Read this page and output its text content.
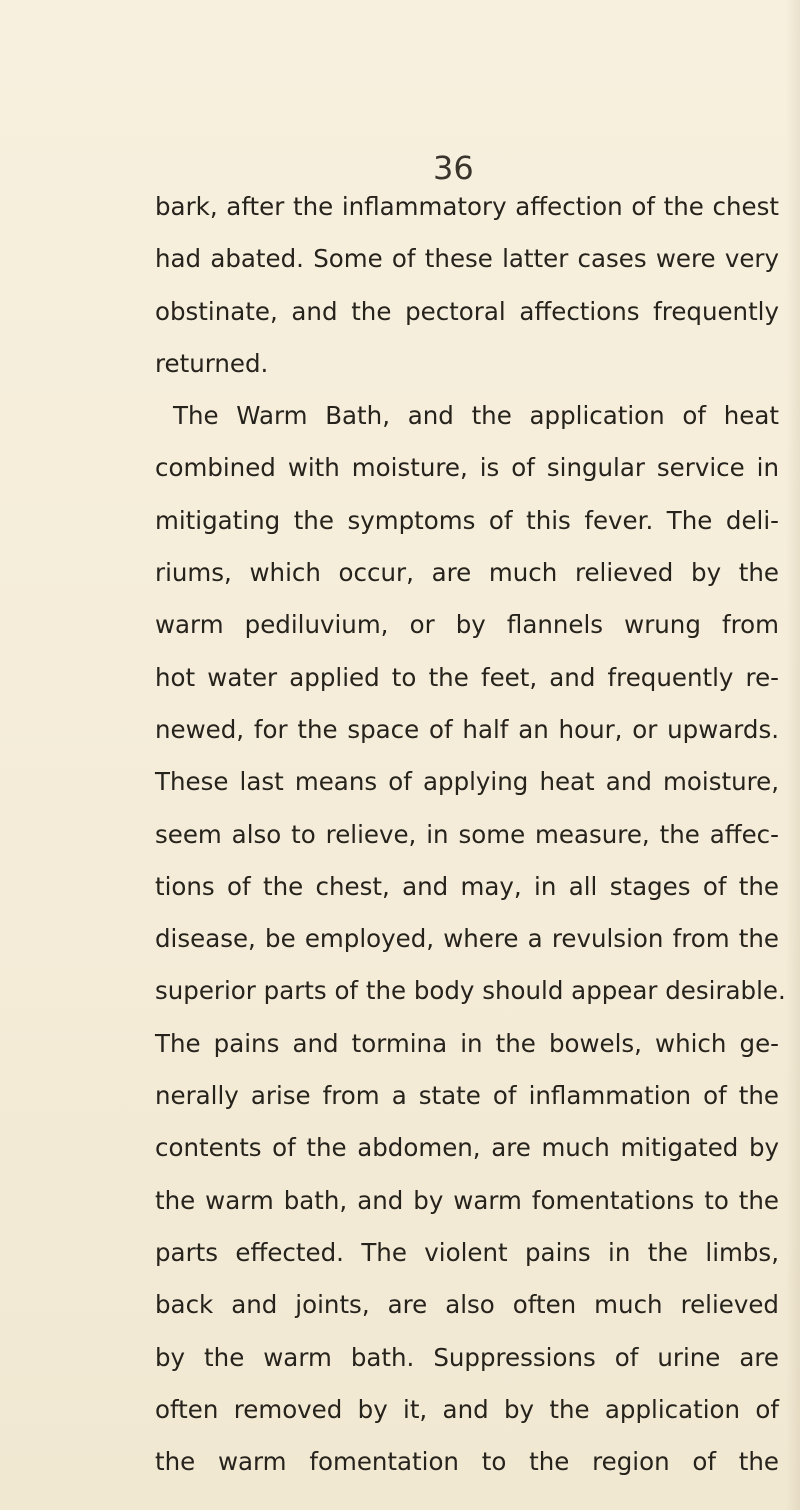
36
bark, after the inflammatory affection of the chest
had abated. Some of these latter cases were very
obstinate, and the pectoral affections frequently
returned.
The Warm Bath, and the application of heat
combined with moisture, is of singular service in
mitigating the symptoms of this fever. The deli-
riums, which occur, are much relieved by the
warm pediluvium, or by flannels wrung from
hot water applied to the feet, and frequently re-
newed, for the space of half an hour, or upwards.
These last means of applying heat and moisture,
seem also to relieve, in some measure, the affec-
tions of the chest, and may, in all stages of the
disease, be employed, where a revulsion from the
superior parts of the body should appear desirable.
The pains and tormina in the bowels, which ge-
nerally arise from a state of inflammation of the
contents of the abdomen, are much mitigated by
the warm bath, and by warm fomentations to the
parts effected. The violent pains in the limbs,
back and joints, are also often much relieved
by the warm bath. Suppressions of urine are
often removed by it, and by the application of
the warm fomentation to the region of the
